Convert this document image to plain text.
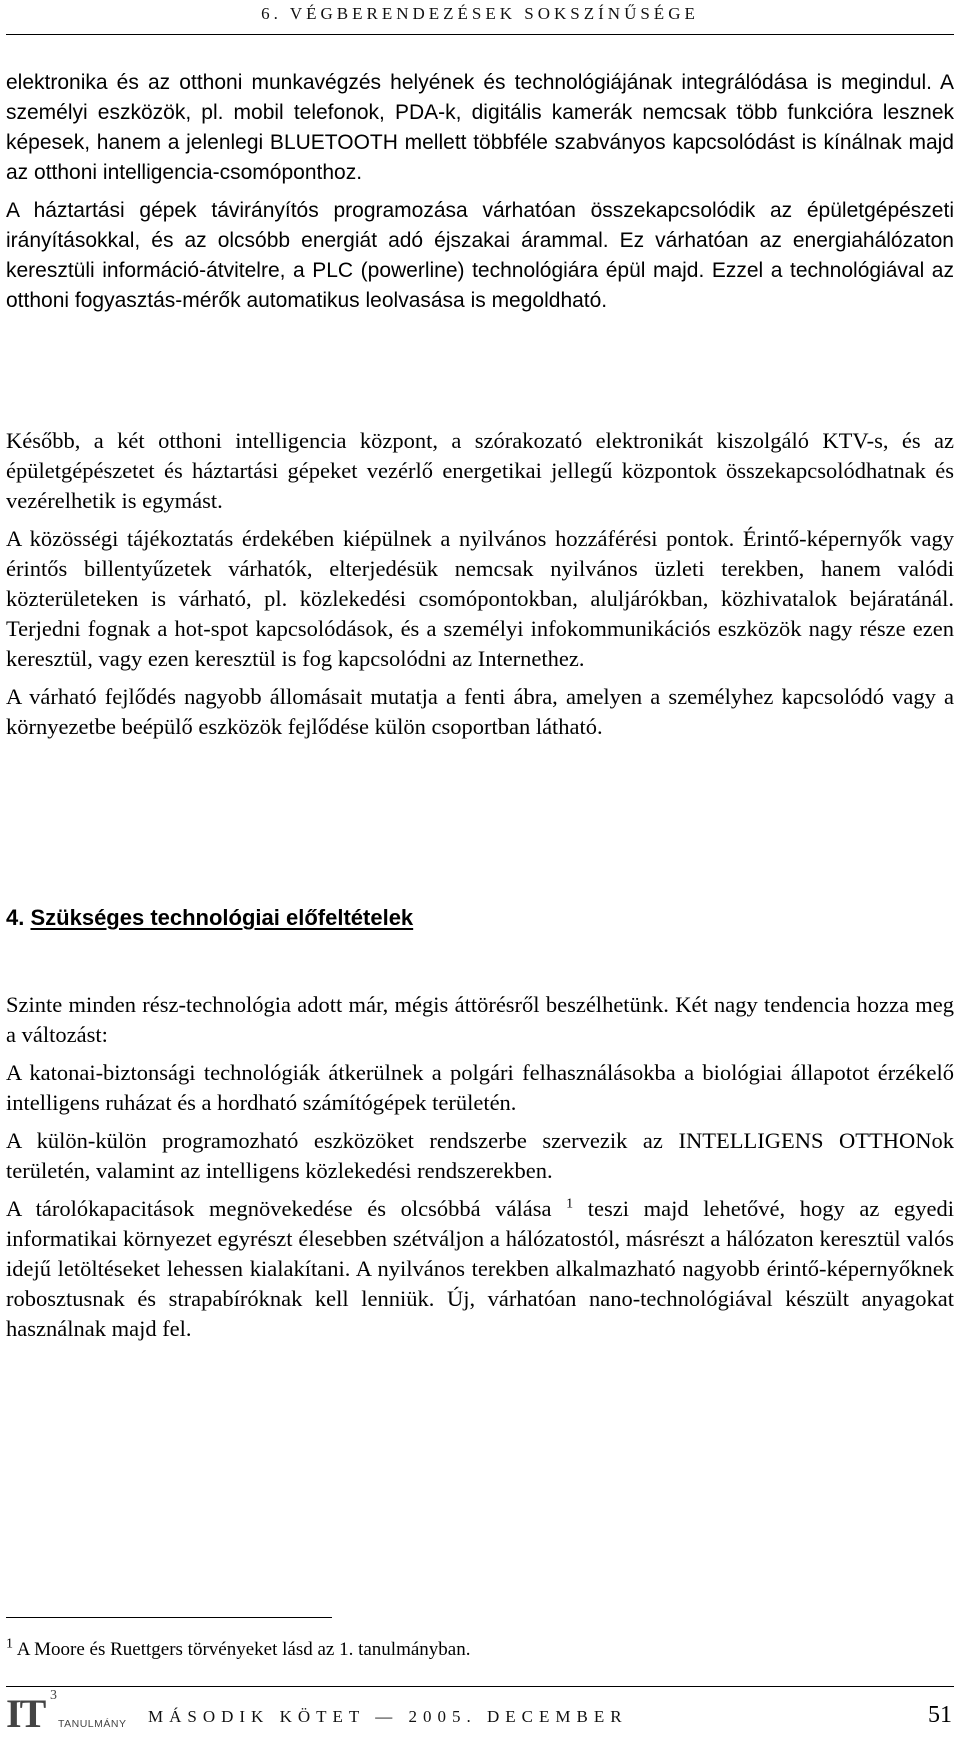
6. VÉGBERENDEZÉSEK SOKSZÍNŰSÉGE

elektronika és az otthoni munkavégzés helyének és technológiájának integrálódása is megindul. A személyi eszközök, pl. mobil telefonok, PDA-k, digitális kamerák nemcsak több funkcióra lesznek képesek, hanem a jelenlegi BLUETOOTH mellett többféle szabványos kapcsolódást is kínálnak majd az otthoni intelligencia-csomóponthoz.

A háztartási gépek távirányítós programozása várhatóan összekapcsolódik az épületgépészeti irányításokkal, és az olcsóbb energiát adó éjszakai árammal. Ez várhatóan az energiahálózaton keresztüli információ-átvitelre, a PLC (powerline) technológiára épül majd. Ezzel a technológiával az otthoni fogyasztás-mérők automatikus leolvasása is megoldható.

Később, a két otthoni intelligencia központ, a szórakozató elektronikát kiszolgáló KTV-s, és az épületgépészetet és háztartási gépeket vezérlő energetikai jellegű központok összekapcsolódhatnak és vezérelhetik is egymást.

A közösségi tájékoztatás érdekében kiépülnek a nyilvános hozzáférési pontok. Érintő-képernyők vagy érintős billentyűzetek várhatók, elterjedésük nemcsak nyilvános üzleti terekben, hanem valódi közterületeken is várható, pl. közlekedési csomópontokban, aluljárókban, közhivatalok bejáratánál. Terjedni fognak a hot-spot kapcsolódások, és a személyi infokommunikációs eszközök nagy része ezen keresztül, vagy ezen keresztül is fog kapcsolódni az Internethez.

A várható fejlődés nagyobb állomásait mutatja a fenti ábra, amelyen a személyhez kapcsolódó vagy a környezetbe beépülő eszközök fejlődése külön csoportban látható.

4. Szükséges technológiai előfeltételek

Szinte minden rész-technológia adott már, mégis áttörésről beszélhetünk. Két nagy tendencia hozza meg a változást:

A katonai-biztonsági technológiák átkerülnek a polgári felhasználásokba a biológiai állapotot érzékelő intelligens ruházat és a hordható számítógépek területén.

A külön-külön programozható eszközöket rendszerbe szervezik az INTELLIGENS OTTHONok területén, valamint az intelligens közlekedési rendszerekben.

A tárolókapacitások megnövekedése és olcsóbbá válása $^1$ teszi majd lehetővé, hogy az egyedi informatikai környezet egyrészt élesebben szétváljon a hálózatostól, másrészt a hálózaton keresztül valós idejű letöltéseket lehessen kialakítani. A nyilvános terekben alkalmazható nagyobb érintő-képernyőknek robosztusnak és strapabíróknak kell lenniük. Új, várhatóan nano-technológiával készült anyagokat használnak majd fel.

$^1$ A Moore és Ruettgers törvényeket lásd az 1. tanulmányban.
IT 3
TANULMÁNY MÁSODIK KÖTET — 2005. DECEMBER	51
